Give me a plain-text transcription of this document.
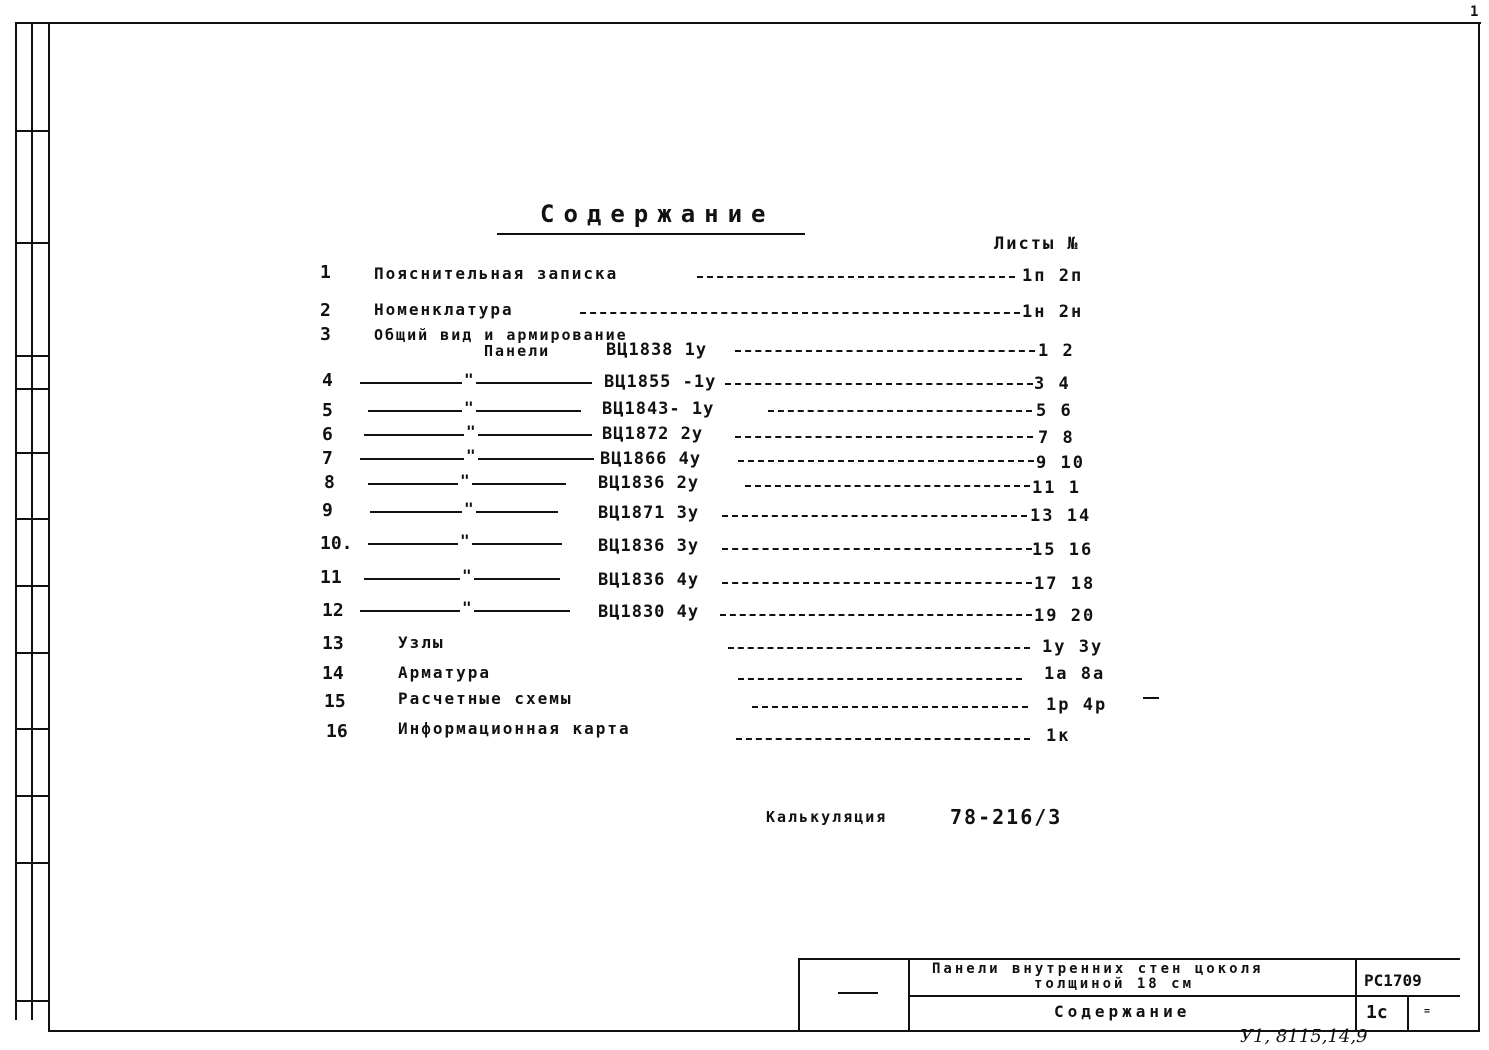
1
Содержание
Листы №
1	Пояснительная записка	1п 2п
2	Номенклатура	1н 2н
3	Общий вид и армирование
Панели	ВЦ1838 1у	1 2
4	"	ВЦ1855 -1у	3 4
5	"	ВЦ1843- 1у	5 6
6	"	ВЦ1872 2у	7 8
7	"	ВЦ1866 4у	9 10
8	"	ВЦ1836 2у	11 1
9	"	ВЦ1871 3у	13 14
10.	"	ВЦ1836 3у	15 16
11	"	ВЦ1836 4у	17 18
12	"	ВЦ1830 4у	19 20
13	Узлы	1у 3у
14	Арматура	1а 8а
15	Расчетные схемы	1р 4р
16	Информационная карта	1к
Калькуляция	78-216/3
Панели внутренних стен цоколя
толщиной 18 см
Содержание
РС1709
1с	=
У1, 8115,14,9
